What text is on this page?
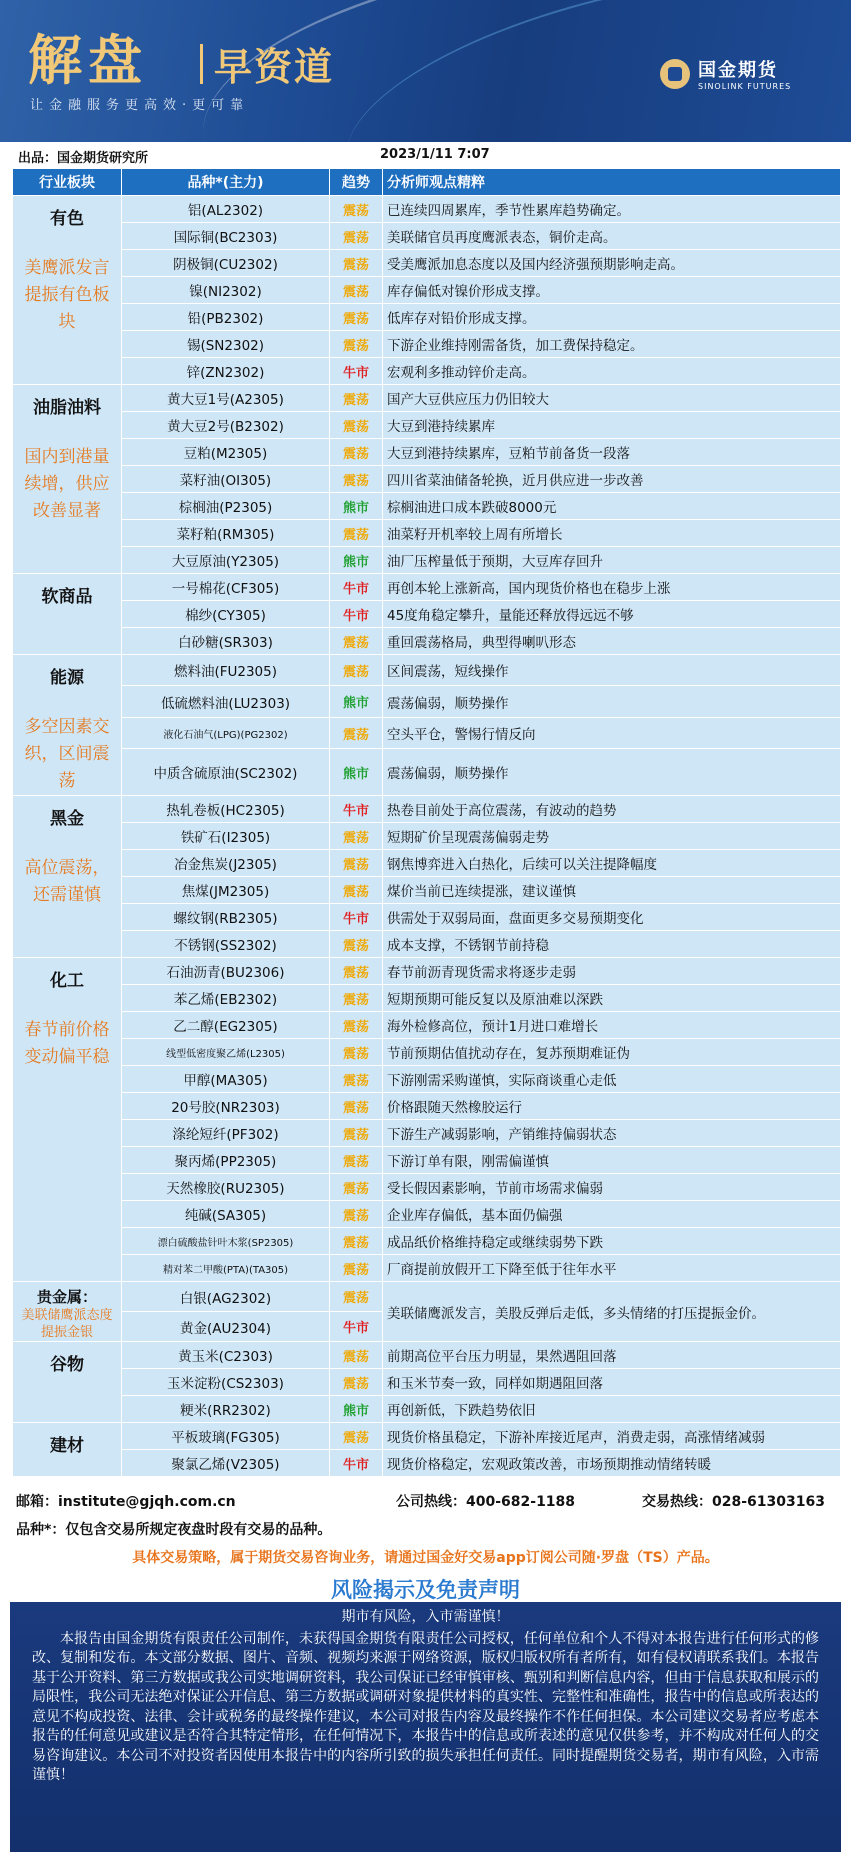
解盘 早资道
让金融服务更高效·更可靠
国金期货
SINOLINK FUTURES
出品：国金期货研究所	2023/1/11 7:07
行业板块	品种*(主力)	趋势	分析师观点精粹

有色
美鹰派发言提振有色板块	铝(AL2302)	震荡	已连续四周累库，季节性累库趋势确定。
	国际铜(BC2303)	震荡	美联储官员再度鹰派表态，铜价走高。
	阴极铜(CU2302)	震荡	受美鹰派加息态度以及国内经济强预期影响走高。
	镍(NI2302)	震荡	库存偏低对镍价形成支撑。
	铅(PB2302)	震荡	低库存对铅价形成支撑。
	锡(SN2302)	震荡	下游企业维持刚需备货，加工费保持稳定。
	锌(ZN2302)	牛市	宏观利多推动锌价走高。

油脂油料
国内到港量续增，供应改善显著	黄大豆1号(A2305)	震荡	国产大豆供应压力仍旧较大
	黄大豆2号(B2302)	震荡	大豆到港持续累库
	豆粕(M2305)	震荡	大豆到港持续累库，豆粕节前备货一段落
	菜籽油(OI305)	震荡	四川省菜油储备轮换，近月供应进一步改善
	棕榈油(P2305)	熊市	棕榈油进口成本跌破8000元
	菜籽粕(RM305)	震荡	油菜籽开机率较上周有所增长
	大豆原油(Y2305)	熊市	油厂压榨量低于预期，大豆库存回升

软商品	一号棉花(CF305)	牛市	再创本轮上涨新高，国内现货价格也在稳步上涨
	棉纱(CY305)	牛市	45度角稳定攀升，量能还释放得远远不够
	白砂糖(SR303)	震荡	重回震荡格局，典型得喇叭形态

能源
多空因素交织，区间震荡	燃料油(FU2305)	震荡	区间震荡，短线操作
	低硫燃料油(LU2303)	熊市	震荡偏弱，顺势操作
	液化石油气(LPG)(PG2302)	震荡	空头平仓，警惕行情反向
	中质含硫原油(SC2302)	熊市	震荡偏弱，顺势操作

黑金
高位震荡，还需谨慎	热轧卷板(HC2305)	牛市	热卷目前处于高位震荡，有波动的趋势
	铁矿石(I2305)	震荡	短期矿价呈现震荡偏弱走势
	冶金焦炭(J2305)	震荡	钢焦博弈进入白热化，后续可以关注提降幅度
	焦煤(JM2305)	震荡	煤价当前已连续提涨，建议谨慎
	螺纹钢(RB2305)	牛市	供需处于双弱局面，盘面更多交易预期变化
	不锈钢(SS2302)	震荡	成本支撑，不锈钢节前持稳

化工
春节前价格变动偏平稳	石油沥青(BU2306)	震荡	春节前沥青现货需求将逐步走弱
	苯乙烯(EB2302)	震荡	短期预期可能反复以及原油难以深跌
	乙二醇(EG2305)	震荡	海外检修高位，预计1月进口难增长
	线型低密度聚乙烯(L2305)	震荡	节前预期估值扰动存在，复苏预期难证伪
	甲醇(MA305)	震荡	下游刚需采购谨慎，实际商谈重心走低
	20号胶(NR2303)	震荡	价格跟随天然橡胶运行
	涤纶短纤(PF302)	震荡	下游生产减弱影响，产销维持偏弱状态
	聚丙烯(PP2305)	震荡	下游订单有限，刚需偏谨慎
	天然橡胶(RU2305)	震荡	受长假因素影响，节前市场需求偏弱
	纯碱(SA305)	震荡	企业库存偏低，基本面仍偏强
	漂白硫酸盐针叶木浆(SP2305)	震荡	成品纸价格维持稳定或继续弱势下跌
	精对苯二甲酸(PTA)(TA305)	震荡	厂商提前放假开工下降至低于往年水平

贵金属：
美联储鹰派态度提振金银	白银(AG2302)	震荡	美联储鹰派发言，美股反弹后走低，多头情绪的打压提振金价。
	黄金(AU2304)	牛市	

谷物	黄玉米(C2303)	震荡	前期高位平台压力明显，果然遇阻回落
	玉米淀粉(CS2303)	震荡	和玉米节奏一致，同样如期遇阻回落
	粳米(RR2302)	熊市	再创新低，下跌趋势依旧

建材	平板玻璃(FG305)	震荡	现货价格虽稳定，下游补库接近尾声，消费走弱，高涨情绪减弱
	聚氯乙烯(V2305)	牛市	现货价格稳定，宏观政策改善，市场预期推动情绪转暖
邮箱：institute@gjqh.com.cn	公司热线：400-682-1188	交易热线：028-61303163
品种*：仅包含交易所规定夜盘时段有交易的品种。
具体交易策略，属于期货交易咨询业务，请通过国金好交易app订阅公司随·罗盘（TS）产品。
风险揭示及免责声明
期市有风险，入市需谨慎！

本报告由国金期货有限责任公司制作，未获得国金期货有限责任公司授权，任何单位和个人不得对本报告进行任何形式的修改、复制和发布。本文部分数据、图片、音频、视频均来源于网络资源，版权归版权所有者所有，如有侵权请联系我们。本报告基于公开资料、第三方数据或我公司实地调研资料，我公司保证已经审慎审核、甄别和判断信息内容，但由于信息获取和展示的局限性，我公司无法绝对保证公开信息、第三方数据或调研对象提供材料的真实性、完整性和准确性，报告中的信息或所表达的意见不构成投资、法律、会计或税务的最终操作建议，本公司对报告内容及最终操作不作任何担保。本公司建议交易者应考虑本报告的任何意见或建议是否符合其特定情形，在任何情况下，本报告中的信息或所表述的意见仅供参考，并不构成对任何人的交易咨询建议。本公司不对投资者因使用本报告中的内容所引致的损失承担任何责任。同时提醒期货交易者，期市有风险，入市需谨慎！
